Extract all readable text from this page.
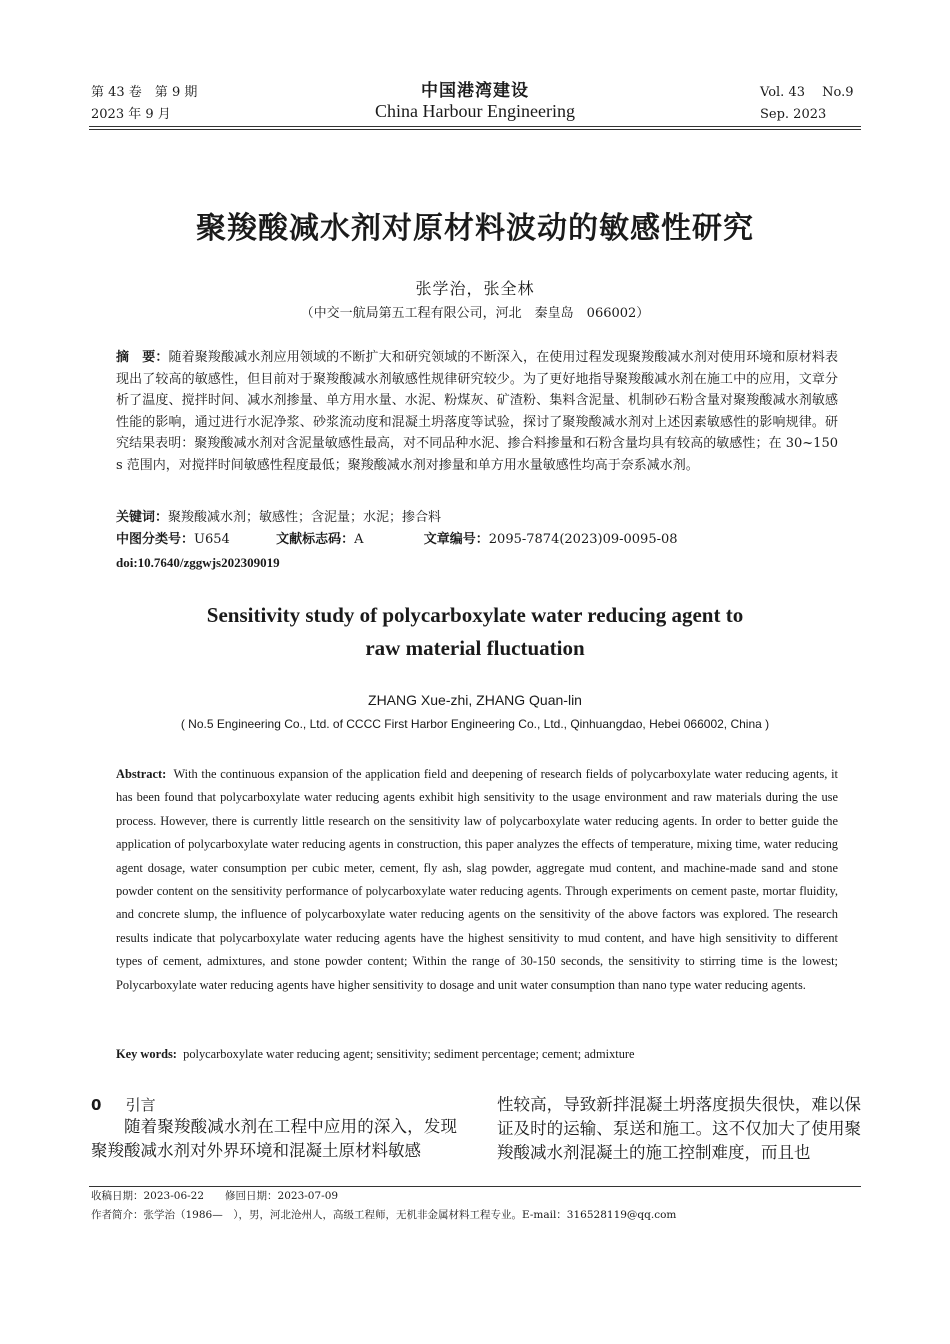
第 43 卷　第 9 期
2023 年 9 月
中国港湾建设
China Harbour Engineering
Vol. 43　 No.9
Sep. 2023
聚羧酸减水剂对原材料波动的敏感性研究
张学治，张全林
（中交一航局第五工程有限公司，河北　秦皇岛　066002）
摘　要：随着聚羧酸减水剂应用领域的不断扩大和研究领域的不断深入，在使用过程发现聚羧酸减水剂对使用环境和原材料表现出了较高的敏感性，但目前对于聚羧酸减水剂敏感性规律研究较少。为了更好地指导聚羧酸减水剂在施工中的应用，文章分析了温度、搅拌时间、减水剂掺量、单方用水量、水泥、粉煤灰、矿渣粉、集料含泥量、机制砂石粉含量对聚羧酸减水剂敏感性能的影响，通过进行水泥净浆、砂浆流动度和混凝土坍落度等试验，探讨了聚羧酸减水剂对上述因素敏感性的影响规律。研究结果表明：聚羧酸减水剂对含泥量敏感性最高，对不同品种水泥、掺合料掺量和石粉含量均具有较高的敏感性；在 30~150 s 范围内，对搅拌时间敏感性程度最低；聚羧酸减水剂对掺量和单方用水量敏感性均高于奈系减水剂。
关键词：聚羧酸减水剂；敏感性；含泥量；水泥；掺合料
中图分类号：U654	文献标志码：A	文章编号：2095-7874(2023)09-0095-08
doi:10.7640/zggwjs202309019
Sensitivity study of polycarboxylate water reducing agent to
raw material fluctuation
ZHANG Xue-zhi, ZHANG Quan-lin
( No.5 Engineering Co., Ltd. of CCCC First Harbor Engineering Co., Ltd., Qinhuangdao, Hebei 066002, China )
Abstract: With the continuous expansion of the application field and deepening of research fields of polycarboxylate water reducing agents, it has been found that polycarboxylate water reducing agents exhibit high sensitivity to the usage environment and raw materials during the use process. However, there is currently little research on the sensitivity law of polycarboxylate water reducing agents. In order to better guide the application of polycarboxylate water reducing agents in construction, this paper analyzes the effects of temperature, mixing time, water reducing agent dosage, water consumption per cubic meter, cement, fly ash, slag powder, aggregate mud content, and machine-made sand and stone powder content on the sensitivity performance of polycarboxylate water reducing agents. Through experiments on cement paste, mortar fluidity, and concrete slump, the influence of polycarboxylate water reducing agents on the sensitivity of the above factors was explored. The research results indicate that polycarboxylate water reducing agents have the highest sensitivity to mud content, and have high sensitivity to different types of cement, admixtures, and stone powder content; Within the range of 30-150 seconds, the sensitivity to stirring time is the lowest; Polycarboxylate water reducing agents have higher sensitivity to dosage and unit water consumption than nano type water reducing agents.
Key words: polycarboxylate water reducing agent; sensitivity; sediment percentage; cement; admixture
0 引言
随着聚羧酸减水剂在工程中应用的深入，发现聚羧酸减水剂对外界环境和混凝土原材料敏感
性较高，导致新拌混凝土坍落度损失很快，难以保证及时的运输、泵送和施工。这不仅加大了使用聚羧酸减水剂混凝土的施工控制难度，而且也
收稿日期：2023-06-22　　修回日期：2023-07-09
作者简介：张学治（1986—　），男，河北沧州人，高级工程师，无机非金属材料工程专业。E-mail：316528119@qq.com
